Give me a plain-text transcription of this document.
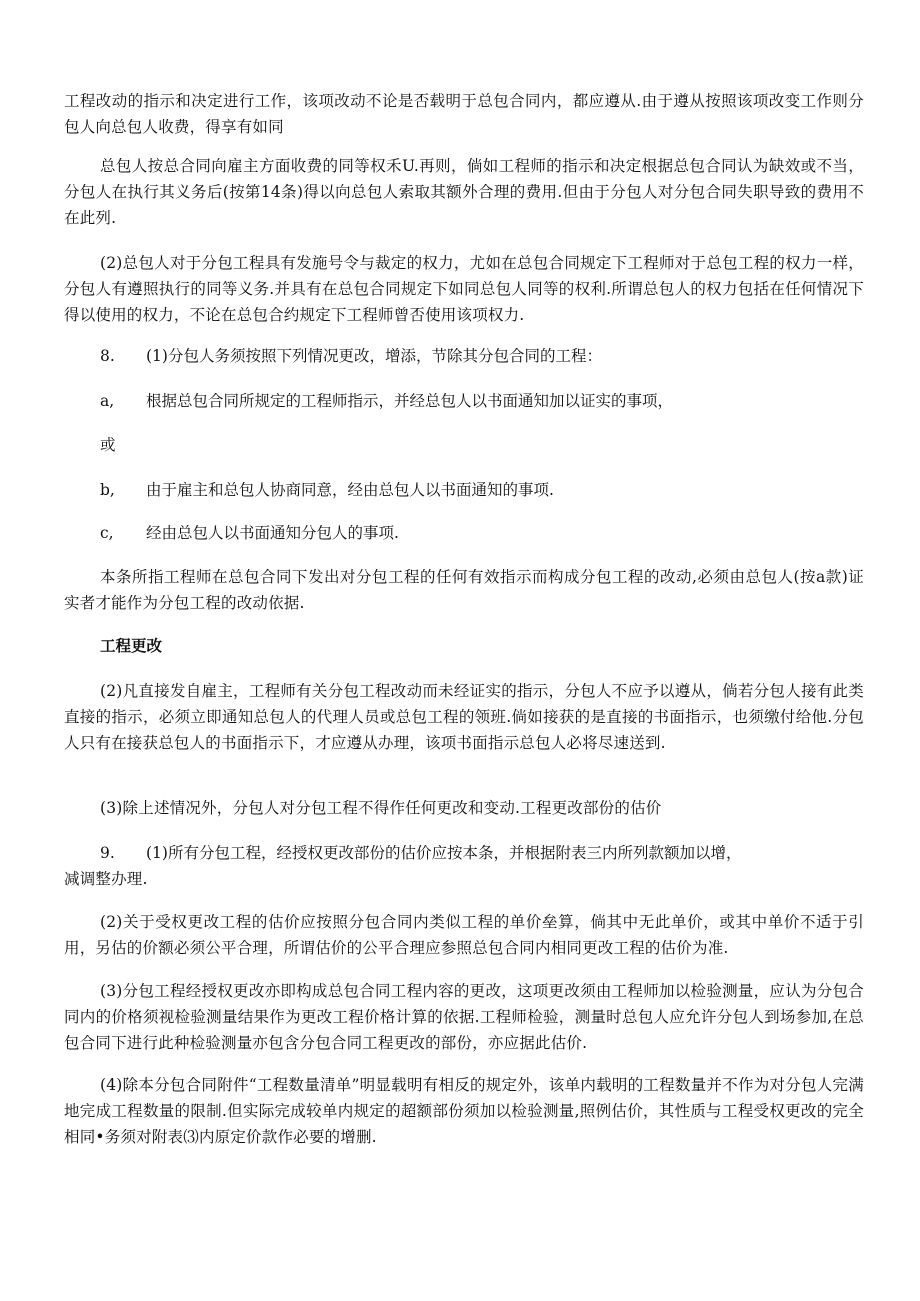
工程改动的指示和决定进行工作，该项改动不论是否载明于总包合同内，都应遵从.由于遵从按照该项改变工作则分包人向总包人收费，得享有如同

总包人按总合同向雇主方面收费的同等权禾U.再则，倘如工程师的指示和决定根据总包合同认为缺效或不当，分包人在执行其义务后(按第14条)得以向总包人索取其额外合理的费用.但由于分包人对分包合同失职导致的费用不在此列.

(2)总包人对于分包工程具有发施号令与裁定的权力，尤如在总包合同规定下工程师对于总包工程的权力一样，分包人有遵照执行的同等义务.并具有在总包合同规定下如同总包人同等的权利.所谓总包人的权力包括在任何情况下得以使用的权力，不论在总包合约规定下工程师曾否使用该项权力.

8. (1)分包人务须按照下列情况更改，增添，节除其分包合同的工程：
a, 根据总包合同所规定的工程师指示，并经总包人以书面通知加以证实的事项，
或
b, 由于雇主和总包人协商同意，经由总包人以书面通知的事项.
c, 经由总包人以书面通知分包人的事项.

本条所指工程师在总包合同下发出对分包工程的任何有效指示而构成分包工程的改动,必须由总包人(按a款)证实者才能作为分包工程的改动依据.

工程更改

(2)凡直接发自雇主，工程师有关分包工程改动而未经证实的指示，分包人不应予以遵从，倘若分包人接有此类直接的指示，必须立即通知总包人的代理人员或总包工程的领班.倘如接获的是直接的书面指示，也须缴付给他.分包人只有在接获总包人的书面指示下，才应遵从办理，该项书面指示总包人必将尽速送到.

(3)除上述情况外，分包人对分包工程不得作任何更改和变动.工程更改部份的估价

9. (1)所有分包工程，经授权更改部份的估价应按本条，并根据附表三内所列款额加以增，

减调整办理.

(2)关于受权更改工程的估价应按照分包合同内类似工程的单价垒算，倘其中无此单价，或其中单价不适于引用，另估的价额必须公平合理，所谓估价的公平合理应参照总包合同内相同更改工程的估价为准.

(3)分包工程经授权更改亦即构成总包合同工程内容的更改，这项更改须由工程师加以检验测量，应认为分包合同内的价格须视检验测量结果作为更改工程价格计算的依据.工程师检验，测量时总包人应允许分包人到场参加,在总包合同下进行此种检验测量亦包含分包合同工程更改的部份，亦应据此估价.

(4)除本分包合同附件“工程数量清单”明显载明有相反的规定外，该单内载明的工程数量并不作为对分包人完满地完成工程数量的限制.但实际完成较单内规定的超额部份须加以检验测量,照例估价，其性质与工程受权更改的完全相同•务须对附表⑶内原定价款作必要的增删.
